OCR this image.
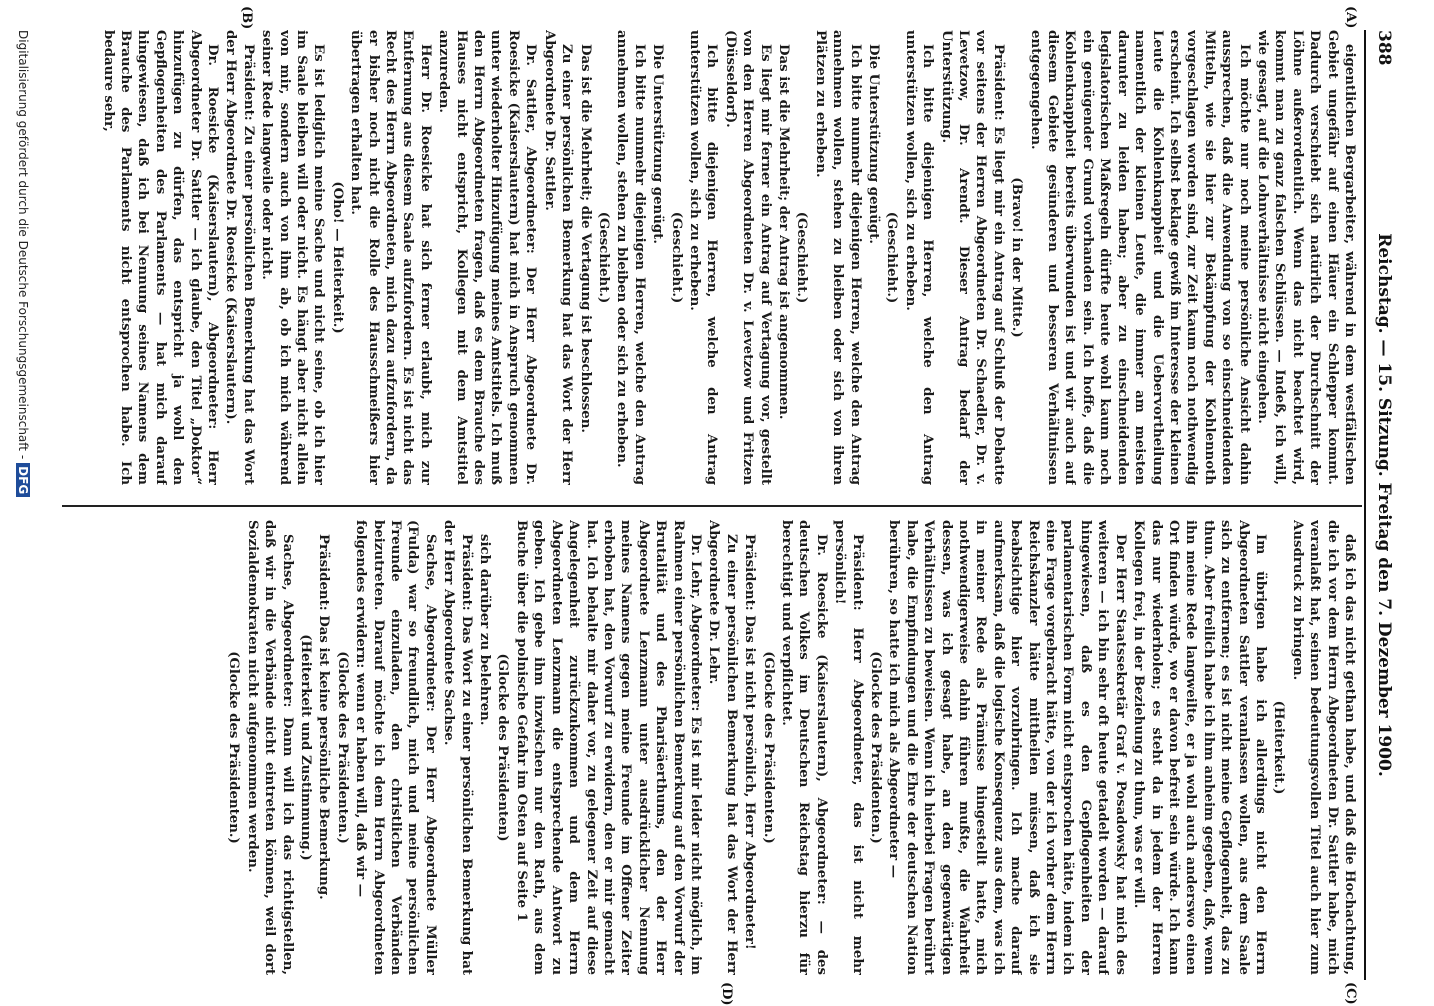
388
Reichstag. — 15. Sitzung. Freitag den 7. Dezember 1900.
(A)
(B)
(C)
(D)

eigentlichen Bergarbeiter, während in dem westfälischen Gebiet ungefähr auf einen Häuer ein Schlepper kommt. Dadurch verschiebt sich natürlich der Durchschnitt der Löhne außerordentlich. Wenn das nicht beachtet wird, kommt man zu ganz falschen Schlüssen. — Indeß, ich will, wie gesagt, auf die Lohnverhältnisse nicht eingehen.

Ich möchte nur noch meine persönliche Ansicht dahin aussprechen, daß die Anwendung von so einschneidenden Mitteln, wie sie hier zur Bekämpfung der Kohlennoth vorgeschlagen worden sind, zur Zeit kaum noch nothwendig erscheint. Ich selbst beklage gewiß im Interesse der kleinen Leute die Kohlenknappheit und die Uebervortheilung namentlich der kleinen Leute, die immer am meisten darunter zu leiden haben; aber zu einschneidenden legislatorischen Maßregeln dürfte heute wohl kaum noch ein genügender Grund vorhanden sein. Ich hoffe, daß die Kohlenknappheit bereits überwunden ist und wir auch auf diesem Gebiete gesünderen und besseren Verhältnissen entgegengehen.

(Bravo! in der Mitte.)

Präsident: Es liegt mir ein Antrag auf Schluß der Debatte vor seitens der Herren Abgeordneten Dr. Schaedler, Dr. v. Levetzow, Dr. Arendt. Dieser Antrag bedarf der Unterstützung.

Ich bitte diejenigen Herren, welche den Antrag unterstützen wollen, sich zu erheben.

(Geschieht.)

Die Unterstützung genügt.

Ich bitte nunmehr diejenigen Herren, welche den Antrag annehmen wollen, stehen zu bleiben oder sich von ihren Plätzen zu erheben.

(Geschieht.)

Das ist die Mehrheit; der Antrag ist angenommen.

Es liegt mir ferner ein Antrag auf Vertagung vor, gestellt von den Herren Abgeordneten Dr. v. Levetzow und Fritzen (Düsseldorf).

Ich bitte diejenigen Herren, welche den Antrag unterstützen wollen, sich zu erheben.

(Geschieht.)

Die Unterstützung genügt.

Ich bitte nunmehr diejenigen Herren, welche den Antrag annehmen wollen, stehen zu bleiben oder sich zu erheben.

(Geschieht.)

Das ist die Mehrheit; die Vertagung ist beschlossen.

Zu einer persönlichen Bemerkung hat das Wort der Herr Abgeordnete Dr. Sattler.

Dr. Sattler, Abgeordneter: Der Herr Abgeordnete Dr. Roesicke (Kaiserslautern) hat mich in Anspruch genommen unter wiederholter Hinzufügung meines Amtstitels. Ich muß den Herrn Abgeordneten fragen, daß es dem Brauche des Hauses nicht entspricht, Kollegen mit dem Amtstitel anzureden.

Herr Dr. Roesicke hat sich ferner erlaubt, mich zur Entfernung aus diesem Saale aufzufordern. Es ist nicht das Recht des Herrn Abgeordneten, mich dazu aufzufordern, da er bisher noch nicht die Rolle des Hausschmeißers hier übertragen erhalten hat.

(Oho! — Heiterkeit.)

Es ist lediglich meine Sache und nicht seine, ob ich hier im Saale bleiben will oder nicht. Es hängt aber nicht allein von mir, sondern auch von ihm ab, ob ich mich während seiner Rede langweile oder nicht.

Präsident: Zu einer persönlichen Bemerkung hat das Wort der Herr Abgeordnete Dr. Roesicke (Kaiserslautern).

Dr. Roesicke (Kaiserslautern), Abgeordneter: Herr Abgeordneter Dr. Sattler — ich glaube, den Titel „Doktor“ hinzufügen zu dürfen, das entspricht ja wohl den Gepflogenheiten des Parlaments — hat mich darauf hingewiesen, daß ich bei Nennung seines Namens dem Brauche des Parlaments nicht entsprochen habe. Ich bedaure sehr,

daß ich das nicht gethan habe, und daß die Hochachtung, die ich vor dem Herrn Abgeordneten Dr. Sattler habe, mich veranlaßt hat, seinen bedeutungsvollen Titel auch hier zum Ausdruck zu bringen.

(Heiterkeit.)

Im übrigen habe ich allerdings nicht den Herrn Abgeordneten Sattler veranlassen wollen, aus dem Saale sich zu entfernen; es ist nicht meine Gepflogenheit, das zu thun. Aber freilich habe ich ihm anheim gegeben, daß, wenn ihn meine Rede langweilte, er ja wohl auch anderswo einen Ort finden würde, wo er davon befreit sein würde. Ich kann das nur wiederholen; es steht da in jedem der Herren Kollegen frei, in der Beziehung zu thun, was er will.

Der Herr Staatssekretär Graf v. Posadowsky hat mich des weiteren — ich bin sehr oft heute getadelt worden — darauf hingewiesen, daß es den Gepflogenheiten der parlamentarischen Form nicht entsprochen hätte, indem ich eine Frage vorgebracht hätte, von der ich vorher dem Herrn Reichskanzler hätte mittheilen müssen, daß ich sie beabsichtige hier vorzubringen. Ich mache darauf aufmerksam, daß die logische Konsequenz aus dem, was ich in meiner Rede als Prämisse hingestellt hatte, mich nothwendigerweise dahin führen mußte, die Wahrheit dessen, was ich gesagt habe, an den gegenwärtigen Verhältnissen zu beweisen. Wenn ich hierbei Fragen berührt habe, die Empfindungen und die Ehre der deutschen Nation berühren, so hatte ich mich als Abgeordneter —

(Glocke des Präsidenten.)

Präsident: Herr Abgeordneter, das ist nicht mehr persönlich!

Dr. Roesicke (Kaiserslautern), Abgeordneter: — des deutschen Volkes im Deutschen Reichstag hierzu für berechtigt und verpflichtet.

(Glocke des Präsidenten.)

Präsident: Das ist nicht persönlich, Herr Abgeordneter!

Zu einer persönlichen Bemerkung hat das Wort der Herr Abgeordnete Dr. Lehr.

Dr. Lehr, Abgeordneter: Es ist mir leider nicht möglich, im Rahmen einer persönlichen Bemerkung auf den Vorwurf der Brutalität und des Pharisäerthums, den der Herr Abgeordnete Lenzmann unter ausdrücklicher Nennung meines Namens gegen meine Freunde im Offener Zeiter erhoben hat, den Vorwurf zu erwidern, den er mir gemacht hat. Ich behalte mir daher vor, zu gelegener Zeit auf diese Angelegenheit zurückzukommen und dem Herrn Abgeordneten Lenzmann die entsprechende Antwort zu geben. Ich gebe ihm inzwischen nur den Rath, aus dem Buche über die polnische Gefahr im Osten auf Seite 1

(Glocke des Präsidenten)

sich darüber zu belehren.

Präsident: Das Wort zu einer persönlichen Bemerkung hat der Herr Abgeordnete Sachse.

Sachse, Abgeordneter: Der Herr Abgeordnete Müller (Fulda) war so freundlich, mich und meine persönlichen Freunde einzuladen, den christlichen Verbänden beizutreten. Darauf möchte ich dem Herrn Abgeordneten folgendes erwidern: wenn er haben will, daß wir —

(Glocke des Präsidenten.)

Präsident: Das ist keine persönliche Bemerkung.

(Heiterkeit und Zustimmung.)

Sachse, Abgeordneter: Dann will ich das richtigstellen, daß wir in die Verbände nicht eintreten können, weil dort Sozialdemokraten nicht aufgenommen werden.

(Glocke des Präsidenten.)

Digitalisierung gefördert durch die Deutsche Forschungsgemeinschaft -DFG
